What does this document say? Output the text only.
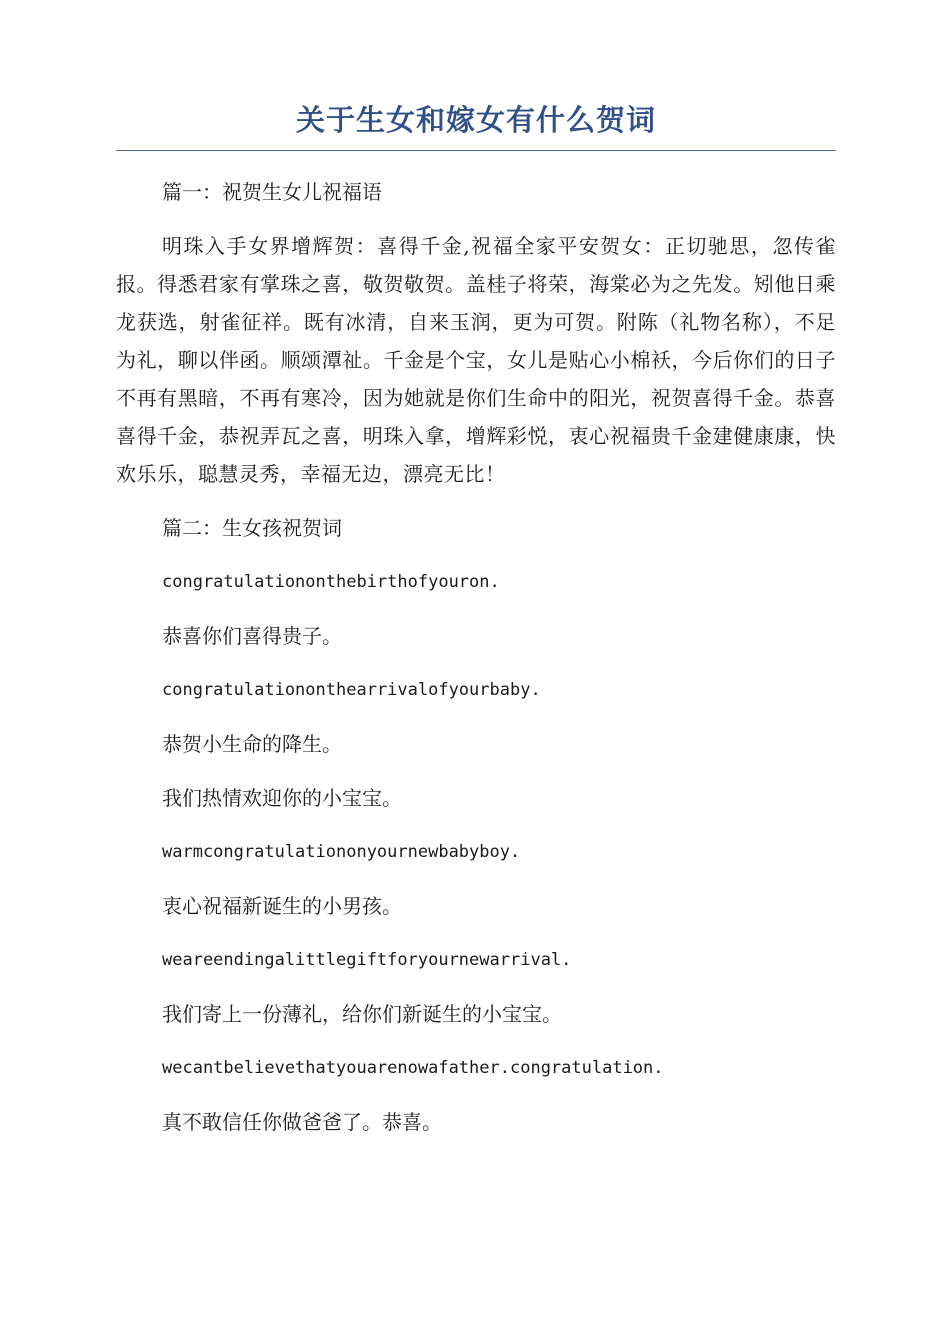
关于生女和嫁女有什么贺词

篇一：祝贺生女儿祝福语

明珠入手女界增辉贺：喜得千金,祝福全家平安贺女：正切驰思，忽传雀报。得悉君家有掌珠之喜，敬贺敬贺。盖桂子将荣，海棠必为之先发。矧他日乘龙获选，射雀征祥。既有冰清，自来玉润，更为可贺。附陈（礼物名称），不足为礼，聊以伴函。顺颂潭祉。千金是个宝，女儿是贴心小棉袄，今后你们的日子不再有黑暗，不再有寒冷，因为她就是你们生命中的阳光，祝贺喜得千金。恭喜喜得千金，恭祝弄瓦之喜，明珠入拿，增辉彩悦，衷心祝福贵千金建健康康，快欢乐乐，聪慧灵秀，幸福无边，漂亮无比！

篇二：生女孩祝贺词

congratulationonthebirthofyouron.

恭喜你们喜得贵子。

congratulationonthearrivalofyourbaby.

恭贺小生命的降生。

我们热情欢迎你的小宝宝。

warmcongratulationonyournewbabyboy.

衷心祝福新诞生的小男孩。

weareendingalittlegiftforyournewarrival.

我们寄上一份薄礼，给你们新诞生的小宝宝。

wecantbelievethatyouarenowafather.congratulation.

真不敢信任你做爸爸了。恭喜。
